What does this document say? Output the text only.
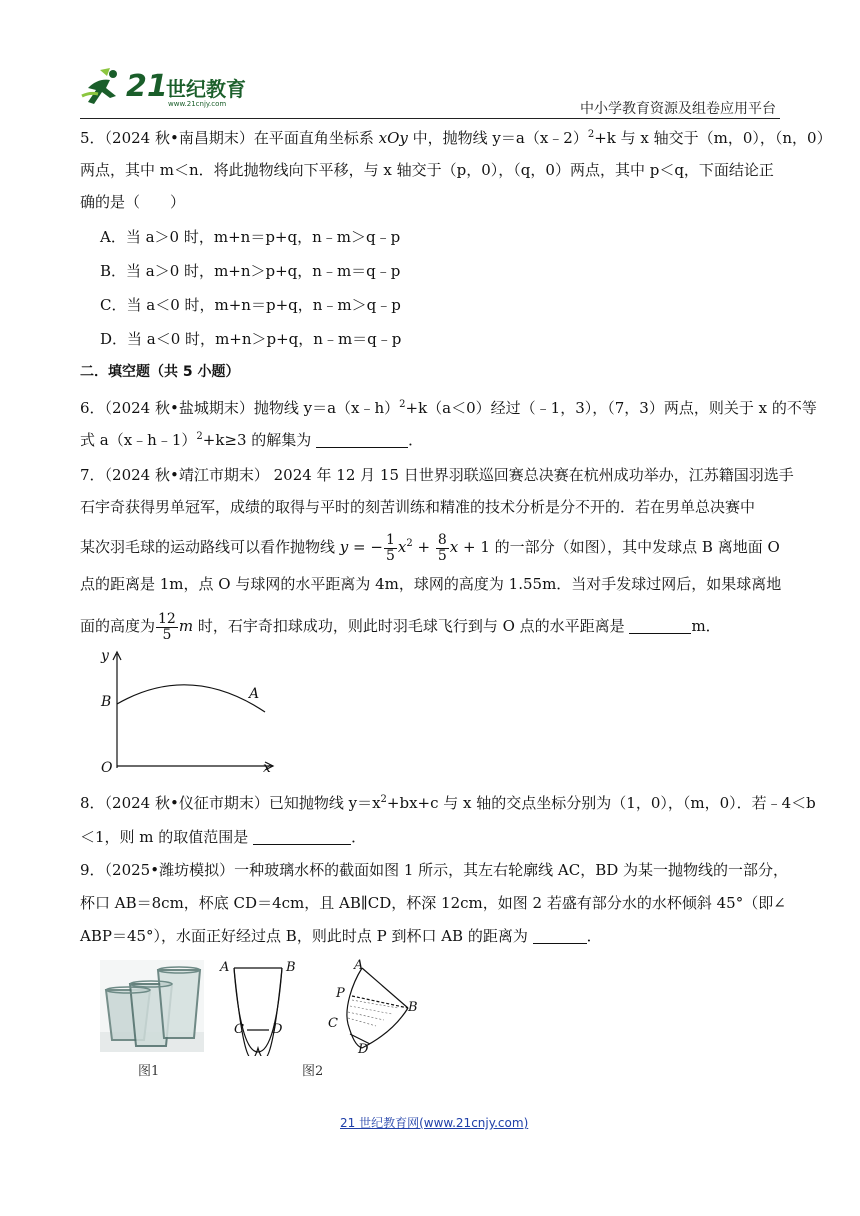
21
世纪教育
www.21cnjy.com	中小学教育资源及组卷应用平台
5．（2024 秋•南昌期末）在平面直角坐标系 xOy 中，抛物线 y＝a（x﹣2）$^2$+k 与 x 轴交于（m，0），（n，0）
两点，其中 m＜n．将此抛物线向下平移，与 x 轴交于（p，0），（q，0）两点，其中 p＜q，下面结论正
确的是（　　）
A．当 a＞0 时，m+n＝p+q，n﹣m＞q﹣p
B．当 a＞0 时，m+n＞p+q，n﹣m＝q﹣p
C．当 a＜0 时，m+n＝p+q，n﹣m＞q﹣p
D．当 a＜0 时，m+n＞p+q，n﹣m＝q﹣p
二．填空题（共 5 小题）
6．（2024 秋•盐城期末）抛物线 y＝a（x﹣h）$^2$+k（a＜0）经过（﹣1，3），（7，3）两点，则关于 x 的不等
式 a（x﹣h﹣1）$^2$+k≥3 的解集为	．
7．（2024 秋•靖江市期末） 2024 年 12 月 15 日世界羽联巡回赛总决赛在杭州成功举办，江苏籍国羽选手
石宇奇获得男单冠军，成绩的取得与平时的刻苦训练和精准的技术分析是分不开的．若在男单总决赛中
某次羽毛球的运动路线可以看作抛物线 y = − $\frac{1}{5} x^2 + \frac{8}{5}$ x + 1 的一部分（如图），其中发球点 B 离地面 O
点的距离是 1m，点 O 与球网的水平距离为 4m，球网的高度为 1.55m．当对手发球过网后，如果球离地
面的高度为 $\frac{12}{5}$ m 时，石宇奇扣球成功，则此时羽毛球飞行到与 O 点的水平距离是	m．
y
B	A
O	x
8．（2024 秋•仪征市期末）已知抛物线 $y=x^2+bx+c$ 与 x 轴的交点坐标分别为（1，0），（m，0）．若﹣4＜b
＜1，则 m 的取值范围是	．
9．（2025•潍坊模拟）一种玻璃水杯的截面如图 1 所示，其左右轮廓线 AC，BD 为某一抛物线的一部分，
杯口 AB＝8cm，杯底 CD＝4cm，且 AB∥CD，杯深 12cm，如图 2 若盛有部分水的水杯倾斜 45°（即∠
ABP＝45°），水面正好经过点 B，则此时点 P 到杯口 AB 的距离为	．
图1
A	B
C D
图2
A
P
B
C
D
21 世纪教育网(www.21cnjy.com)
